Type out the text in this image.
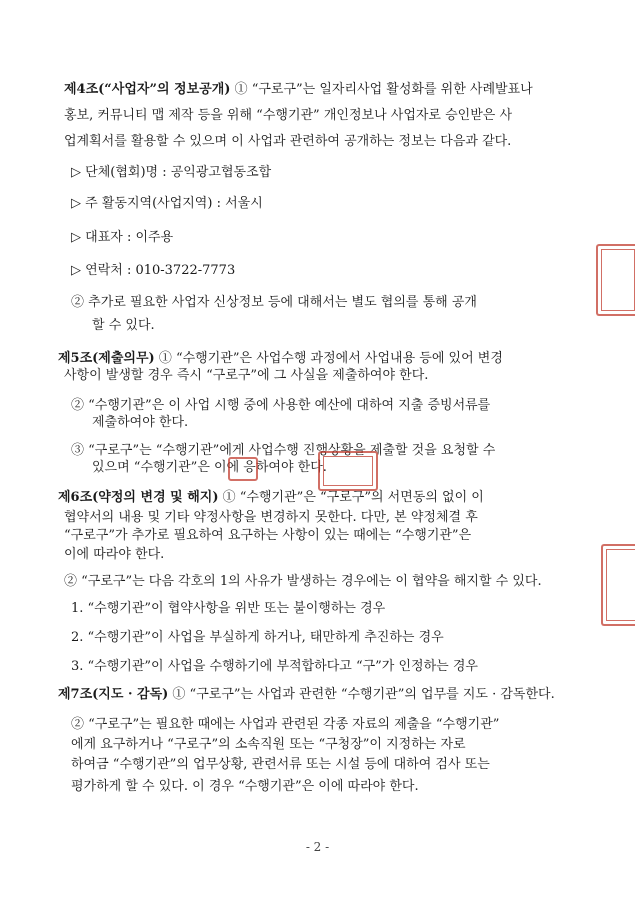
제4조(“사업자”의 정보공개) ① “구로구”는 일자리사업 활성화를 위한 사례발표나
홍보, 커뮤니티 맵 제작 등을 위해 “수행기관” 개인정보나 사업자로 승인받은 사
업계획서를 활용할 수 있으며 이 사업과 관련하여 공개하는 정보는 다음과 같다.
▷ 단체(협회)명 : 공익광고협동조합
▷ 주 활동지역(사업지역) : 서울시
▷ 대표자 : 이주용
▷ 연락처 : 010-3722-7773
② 추가로 필요한 사업자 신상정보 등에 대해서는 별도 협의를 통해 공개
할 수 있다.
제5조(제출의무) ① “수행기관”은 사업수행 과정에서 사업내용 등에 있어 변경
사항이 발생할 경우 즉시 “구로구”에 그 사실을 제출하여야 한다.
② “수행기관”은 이 사업 시행 중에 사용한 예산에 대하여 지출 증빙서류를
제출하여야 한다.
③ “구로구”는 “수행기관”에게 사업수행 진행상황을 제출할 것을 요청할 수
있으며 “수행기관”은 이에 응하여야 한다.
제6조(약정의 변경 및 해지) ① “수행기관”은 “구로구”의 서면동의 없이 이
협약서의 내용 및 기타 약정사항을 변경하지 못한다. 다만, 본 약정체결 후
“구로구”가 추가로 필요하여 요구하는 사항이 있는 때에는 “수행기관”은
이에 따라야 한다.
② “구로구”는 다음 각호의 1의 사유가 발생하는 경우에는 이 협약을 해지할 수 있다.
1. “수행기관”이 협약사항을 위반 또는 불이행하는 경우
2. “수행기관”이 사업을 부실하게 하거나, 태만하게 추진하는 경우
3. “수행기관”이 사업을 수행하기에 부적합하다고 “구”가 인정하는 경우
제7조(지도 · 감독) ① “구로구”는 사업과 관련한 “수행기관”의 업무를 지도 · 감독한다.
② “구로구”는 필요한 때에는 사업과 관련된 각종 자료의 제출을 “수행기관”
에게 요구하거나 “구로구”의 소속직원 또는 “구청장”이 지정하는 자로
하여금 “수행기관”의 업무상황, 관련서류 또는 시설 등에 대하여 검사 또는
평가하게 할 수 있다. 이 경우 “수행기관”은 이에 따라야 한다.
- 2 -
